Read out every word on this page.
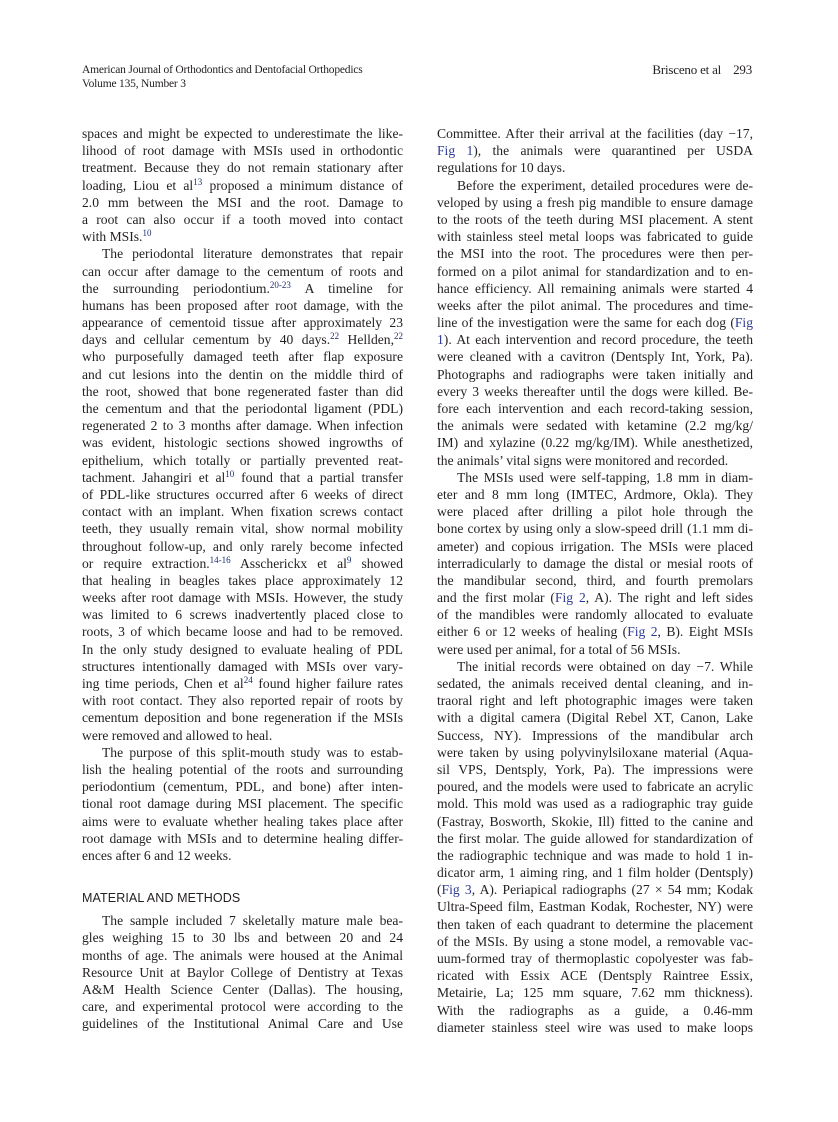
American Journal of Orthodontics and Dentofacial Orthopedics
Volume 135, Number 3
Brisceno et al 293
spaces and might be expected to underestimate the like-
lihood of root damage with MSIs used in orthodontic
treatment. Because they do not remain stationary after
loading, Liou et $al^{13}$ proposed a minimum distance of
2.0 mm between the MSI and the root. Damage to
a root can also occur if a tooth moved into contact
with MSIs.$^{10}$
The periodontal literature demonstrates that repair
can occur after damage to the cementum of roots and
the surrounding periodontium.$^{20-23}$ A timeline for
humans has been proposed after root damage, with the
appearance of cementoid tissue after approximately 23
days and cellular cementum by 40 days.$^{22}$ Hellden,$^{22}$
who purposefully damaged teeth after flap exposure
and cut lesions into the dentin on the middle third of
the root, showed that bone regenerated faster than did
the cementum and that the periodontal ligament (PDL)
regenerated 2 to 3 months after damage. When infection
was evident, histologic sections showed ingrowths of
epithelium, which totally or partially prevented reat-
tachment. Jahangiri et $al^{10}$ found that a partial transfer
of PDL-like structures occurred after 6 weeks of direct
contact with an implant. When fixation screws contact
teeth, they usually remain vital, show normal mobility
throughout follow-up, and only rarely become infected
or require extraction.$^{14-16}$ Asscherickx et $al^9$ showed
that healing in beagles takes place approximately 12
weeks after root damage with MSIs. However, the study
was limited to 6 screws inadvertently placed close to
roots, 3 of which became loose and had to be removed.
In the only study designed to evaluate healing of PDL
structures intentionally damaged with MSIs over vary-
ing time periods, Chen et $al^{24}$ found higher failure rates
with root contact. They also reported repair of roots by
cementum deposition and bone regeneration if the MSIs
were removed and allowed to heal.
The purpose of this split-mouth study was to estab-
lish the healing potential of the roots and surrounding
periodontium (cementum, PDL, and bone) after inten-
tional root damage during MSI placement. The specific
aims were to evaluate whether healing takes place after
root damage with MSIs and to determine healing differ-
ences after 6 and 12 weeks.
MATERIAL AND METHODS
The sample included 7 skeletally mature male bea-
gles weighing 15 to 30 lbs and between 20 and 24
months of age. The animals were housed at the Animal
Resource Unit at Baylor College of Dentistry at Texas
A&M Health Science Center (Dallas). The housing,
care, and experimental protocol were according to the
guidelines of the Institutional Animal Care and Use
Committee. After their arrival at the facilities (day −17,
Fig 1), the animals were quarantined per USDA
regulations for 10 days.
Before the experiment, detailed procedures were de-
veloped by using a fresh pig mandible to ensure damage
to the roots of the teeth during MSI placement. A stent
with stainless steel metal loops was fabricated to guide
the MSI into the root. The procedures were then per-
formed on a pilot animal for standardization and to en-
hance efficiency. All remaining animals were started 4
weeks after the pilot animal. The procedures and time-
line of the investigation were the same for each dog (Fig
1). At each intervention and record procedure, the teeth
were cleaned with a cavitron (Dentsply Int, York, Pa).
Photographs and radiographs were taken initially and
every 3 weeks thereafter until the dogs were killed. Be-
fore each intervention and each record-taking session,
the animals were sedated with ketamine (2.2 mg/kg/
IM) and xylazine (0.22 mg/kg/IM). While anesthetized,
the animals’ vital signs were monitored and recorded.
The MSIs used were self-tapping, 1.8 mm in diam-
eter and 8 mm long (IMTEC, Ardmore, Okla). They
were placed after drilling a pilot hole through the
bone cortex by using only a slow-speed drill (1.1 mm di-
ameter) and copious irrigation. The MSIs were placed
interradicularly to damage the distal or mesial roots of
the mandibular second, third, and fourth premolars
and the first molar (Fig 2, A). The right and left sides
of the mandibles were randomly allocated to evaluate
either 6 or 12 weeks of healing (Fig 2, B). Eight MSIs
were used per animal, for a total of 56 MSIs.
The initial records were obtained on day −7. While
sedated, the animals received dental cleaning, and in-
traoral right and left photographic images were taken
with a digital camera (Digital Rebel XT, Canon, Lake
Success, NY). Impressions of the mandibular arch
were taken by using polyvinylsiloxane material (Aqua-
sil VPS, Dentsply, York, Pa). The impressions were
poured, and the models were used to fabricate an acrylic
mold. This mold was used as a radiographic tray guide
(Fastray, Bosworth, Skokie, Ill) fitted to the canine and
the first molar. The guide allowed for standardization of
the radiographic technique and was made to hold 1 in-
dicator arm, 1 aiming ring, and 1 film holder (Dentsply)
(Fig 3, A). Periapical radiographs (27 × 54 mm; Kodak
Ultra-Speed film, Eastman Kodak, Rochester, NY) were
then taken of each quadrant to determine the placement
of the MSIs. By using a stone model, a removable vac-
uum-formed tray of thermoplastic copolyester was fab-
ricated with Essix ACE (Dentsply Raintree Essix,
Metairie, La; 125 mm square, 7.62 mm thickness).
With the radiographs as a guide, a 0.46-mm
diameter stainless steel wire was used to make loops
